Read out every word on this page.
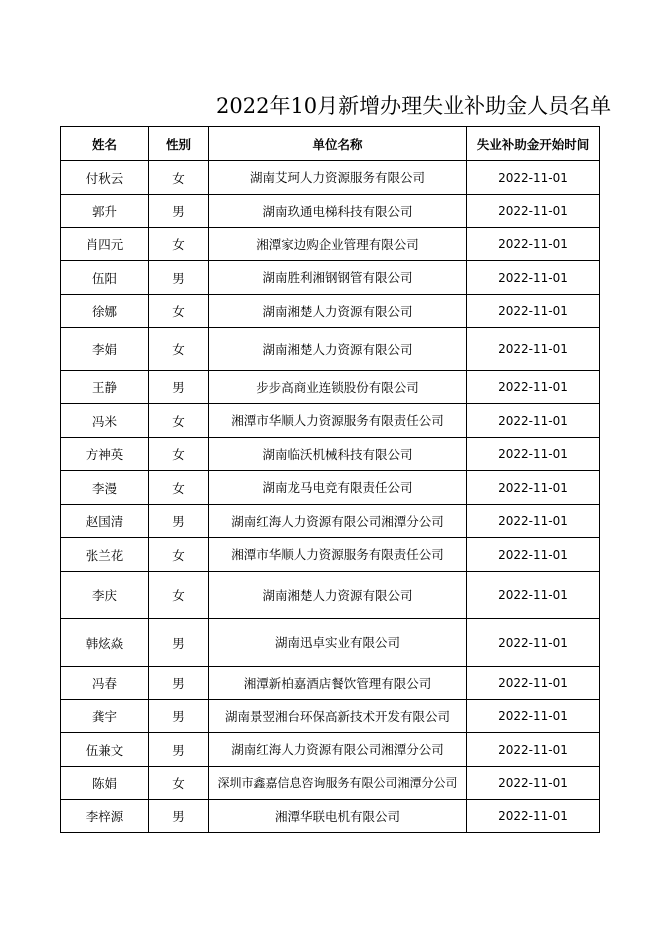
2022年10月新增办理失业补助金人员名单
姓名	性别	单位名称	失业补助金开始时间
付秋云	女	湖南艾珂人力资源服务有限公司	2022-11-01
郭升	男	湖南玖通电梯科技有限公司	2022-11-01
肖四元	女	湘潭家边购企业管理有限公司	2022-11-01
伍阳	男	湖南胜利湘钢钢管有限公司	2022-11-01
徐娜	女	湖南湘楚人力资源有限公司	2022-11-01
李娟	女	湖南湘楚人力资源有限公司	2022-11-01
王静	男	步步高商业连锁股份有限公司	2022-11-01
冯米	女	湘潭市华顺人力资源服务有限责任公司	2022-11-01
方神英	女	湖南临沃机械科技有限公司	2022-11-01
李漫	女	湖南龙马电竞有限责任公司	2022-11-01
赵国清	男	湖南红海人力资源有限公司湘潭分公司	2022-11-01
张兰花	女	湘潭市华顺人力资源服务有限责任公司	2022-11-01
李庆	女	湖南湘楚人力资源有限公司	2022-11-01
韩炫焱	男	湖南迅卓实业有限公司	2022-11-01
冯春	男	湘潭新柏嘉酒店餐饮管理有限公司	2022-11-01
龚宇	男	湖南景翌湘台环保高新技术开发有限公司	2022-11-01
伍兼文	男	湖南红海人力资源有限公司湘潭分公司	2022-11-01
陈娟	女	深圳市鑫嘉信息咨询服务有限公司湘潭分公司	2022-11-01
李梓源	男	湘潭华联电机有限公司	2022-11-01
